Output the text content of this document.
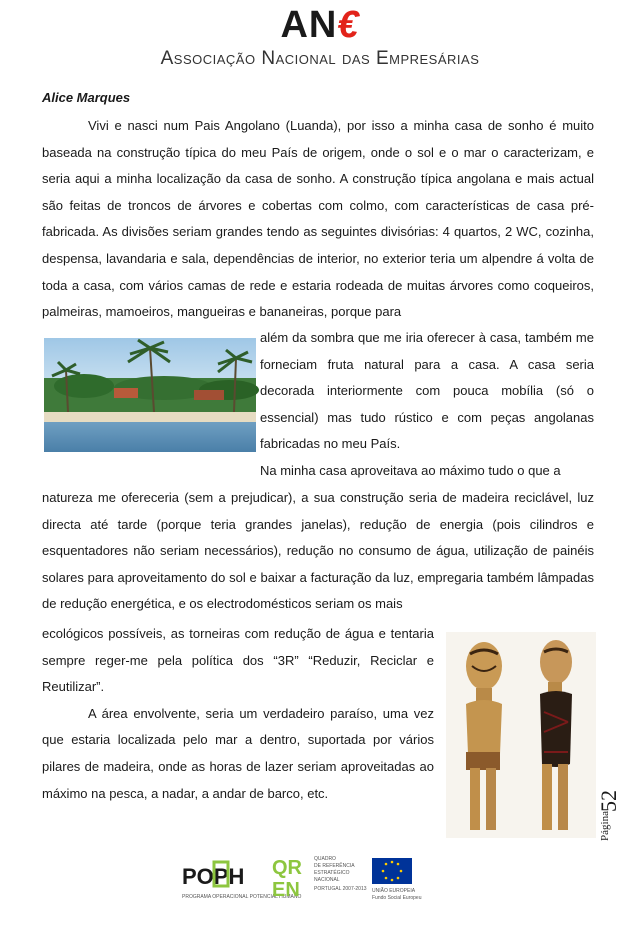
AN€
Associação Nacional das Empresárias
Alice Marques

Vivi e nasci num Pais Angolano (Luanda), por isso a minha casa de sonho é muito baseada na construção típica do meu País de origem, onde o sol e o mar o caracterizam, e seria aqui a minha localização da casa de sonho. A construção típica angolana e mais actual são feitas de troncos de árvores e cobertas com colmo, com características de casa pré-fabricada. As divisões seriam grandes tendo as seguintes divisórias: 4 quartos, 2 WC, cozinha, despensa, lavandaria e sala, dependências de interior, no exterior teria um alpendre á volta de toda a casa, com vários camas de rede e estaria rodeada de muitas árvores como coqueiros, palmeiras, mamoeiros, mangueiras e bananeiras, porque para

além da sombra que me iria oferecer à casa, também me forneciam fruta natural para a casa. A casa seria decorada interiormente com pouca mobília (só o essencial) mas tudo rústico e com peças angolanas fabricadas no meu País.

Na minha casa aproveitava ao máximo tudo o que a

natureza me ofereceria (sem a prejudicar), a sua construção seria de madeira reciclável, luz directa até tarde (porque teria grandes janelas), redução de energia (pois cilindros e esquentadores não seriam necessários), redução no consumo de água, utilização de painéis solares para aproveitamento do sol e baixar a facturação da luz, empregaria também lâmpadas de redução energética, e os electrodomésticos seriam os mais

ecológicos possíveis, as torneiras com redução de água e tentaria sempre reger-me pela política dos “3R” “Reduzir, Reciclar e Reutilizar”.

A área envolvente, seria um verdadeiro paraíso, uma vez que estaria localizada pelo mar a dentro, suportada por vários pilares de madeira, onde as horas de lazer seriam aproveitadas ao máximo na pesca, a nadar, a andar de barco, etc.

Página
52
POPH
PROGRAMA OPERACIONAL POTENCIAL HUMANO
QR
EN
QUADRO
DE REFERÊNCIA
ESTRATÉGICO
NACIONAL
PORTUGAL 2007-2013 UNIÃO EUROPEIA
Fundo Social Europeu
